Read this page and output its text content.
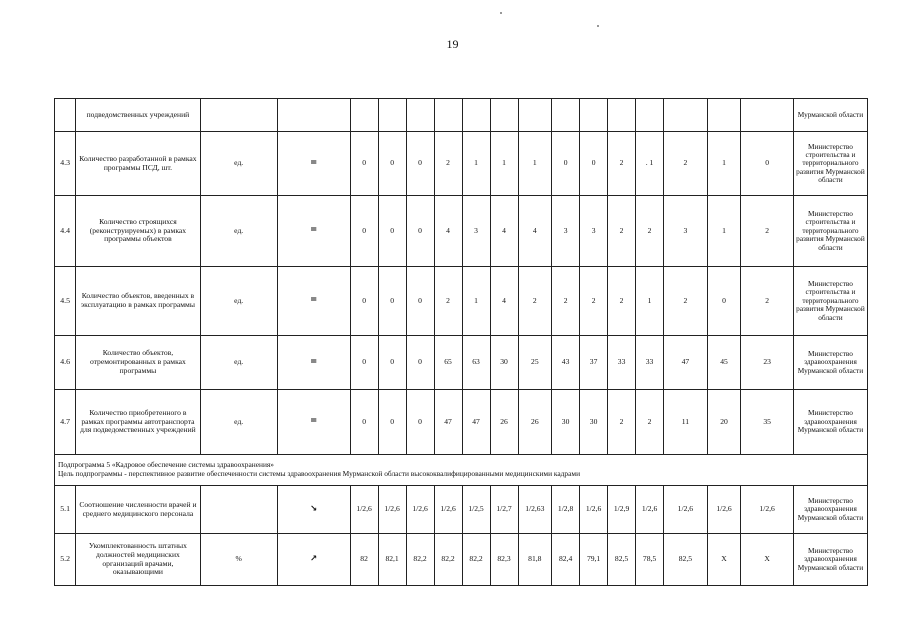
19
	подведомственных учреждений																	Мурманской области
4.3	Количество разработанной в рамках программы ПСД, шт.	ед.	=	0	0	0	2	1	1	1	0	0	2	. 1	2	1	0	Министерство строительства и территориального развития Мурманской области
4.4	Количество строящихся (реконструируемых) в рамках программы объектов	ед.	=	0	0	0	4	3	4	4	3	3	2	2	3	1	2	Министерство строительства и территориального развития Мурманской области
4.5	Количество объектов, введенных в эксплуатацию в рамках программы	ед.	=	0	0	0	2	1	4	2	2	2	2	1	2	0	2	Министерство строительства и территориального развития Мурманской области
4.6	Количество объектов, отремонтированных в рамках программы	ед.	=	0	0	0	65	63	30	25	43	37	33	33	47	45	23	Министерство здравоохранения Мурманской области
4.7	Количество приобретенного в рамках программы автотранспорта для подведомственных учреждений	ед.	=	0	0	0	47	47	26	26	30	30	2	2	11	20	35	Министерство здравоохранения Мурманской области

Подпрограмма 5 «Кадровое обеспечение системы здравоохранения»
Цель подпрограммы - перспективное развитие обеспеченности системы здравоохранения Мурманской области высококвалифицированными медицинскими кадрами																		

5.1	Соотношение численности врачей и среднего медицинского персонала		↘	1/2,6	1/2,6	1/2,6	1/2,6	1/2,5	1/2,7	1/2,63	1/2,8	1/2,6	1/2,9	1/2,6	1/2,6	1/2,6	1/2,6	Министерство здравоохранения Мурманской области
5.2	Укомплектованность штатных должностей медицинских организаций врачами, оказывающими	%	↗	82	82,1	82,2	82,2	82,2	82,3	81,8	82,4	79,1	82,5	78,5	82,5	X	X	Министерство здравоохранения Мурманской области
